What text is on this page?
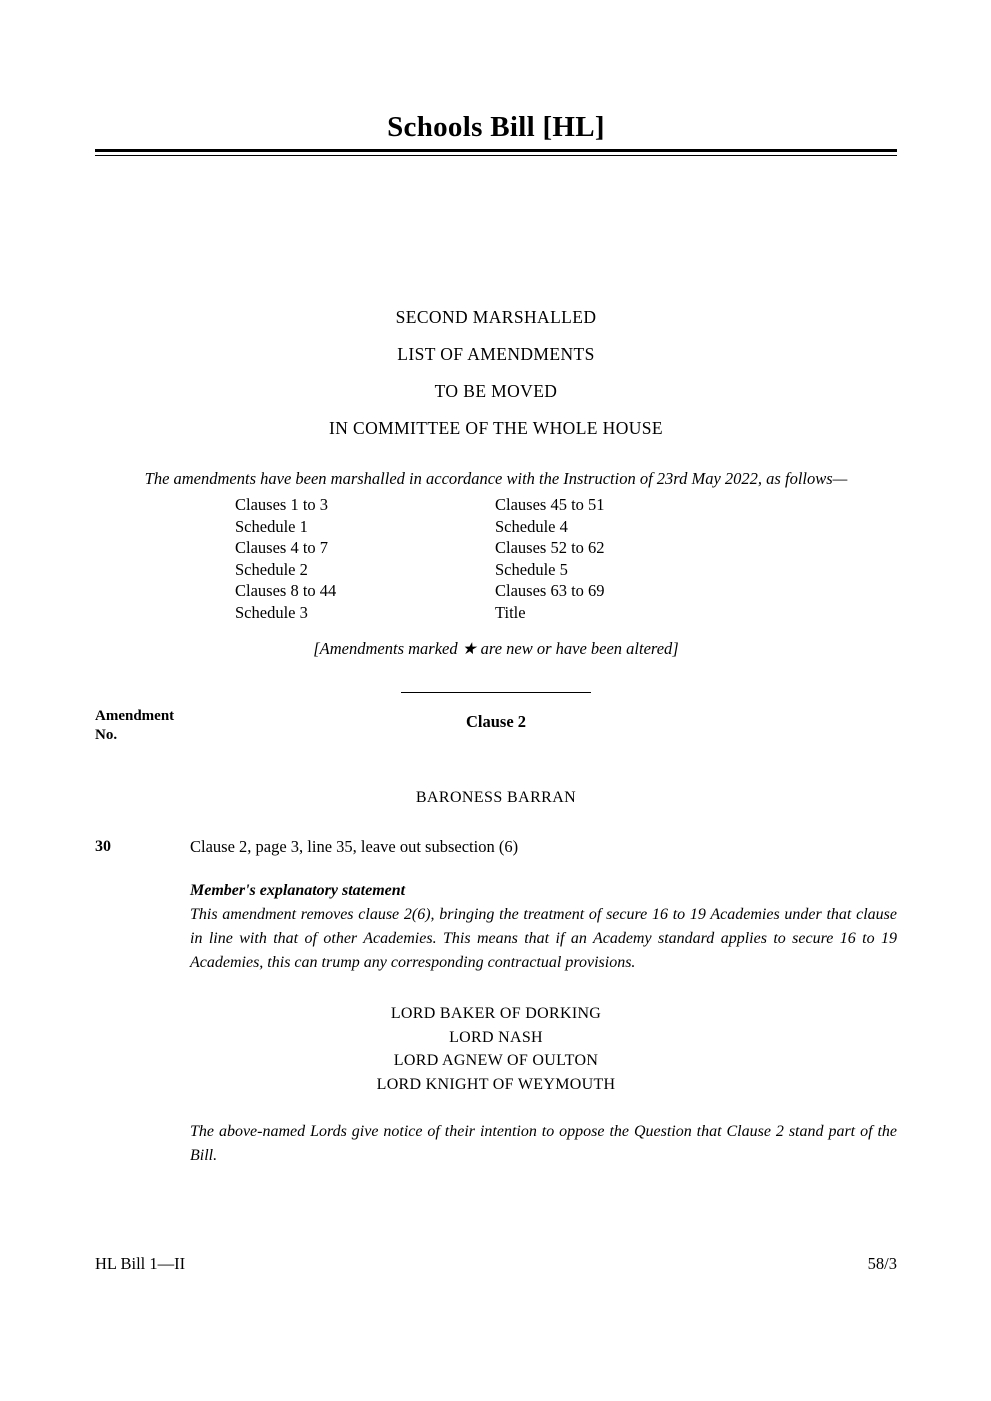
Schools Bill [HL]
SECOND MARSHALLED
LIST OF AMENDMENTS
TO BE MOVED
IN COMMITTEE OF THE WHOLE HOUSE
The amendments have been marshalled in accordance with the Instruction of 23rd May 2022, as follows—
Clauses 1 to 3
Schedule 1
Clauses 4 to 7
Schedule 2
Clauses 8 to 44
Schedule 3
Clauses 45 to 51
Schedule 4
Clauses 52 to 62
Schedule 5
Clauses 63 to 69
Title
[Amendments marked ★ are new or have been altered]
Amendment
No.
Clause 2
BARONESS BARRAN
30	Clause 2, page 3, line 35, leave out subsection (6)
Member's explanatory statement
This amendment removes clause 2(6), bringing the treatment of secure 16 to 19 Academies under that clause in line with that of other Academies. This means that if an Academy standard applies to secure 16 to 19 Academies, this can trump any corresponding contractual provisions.
LORD BAKER OF DORKING
LORD NASH
LORD AGNEW OF OULTON
LORD KNIGHT OF WEYMOUTH
The above-named Lords give notice of their intention to oppose the Question that Clause 2 stand part of the Bill.
HL Bill 1—II	58/3
